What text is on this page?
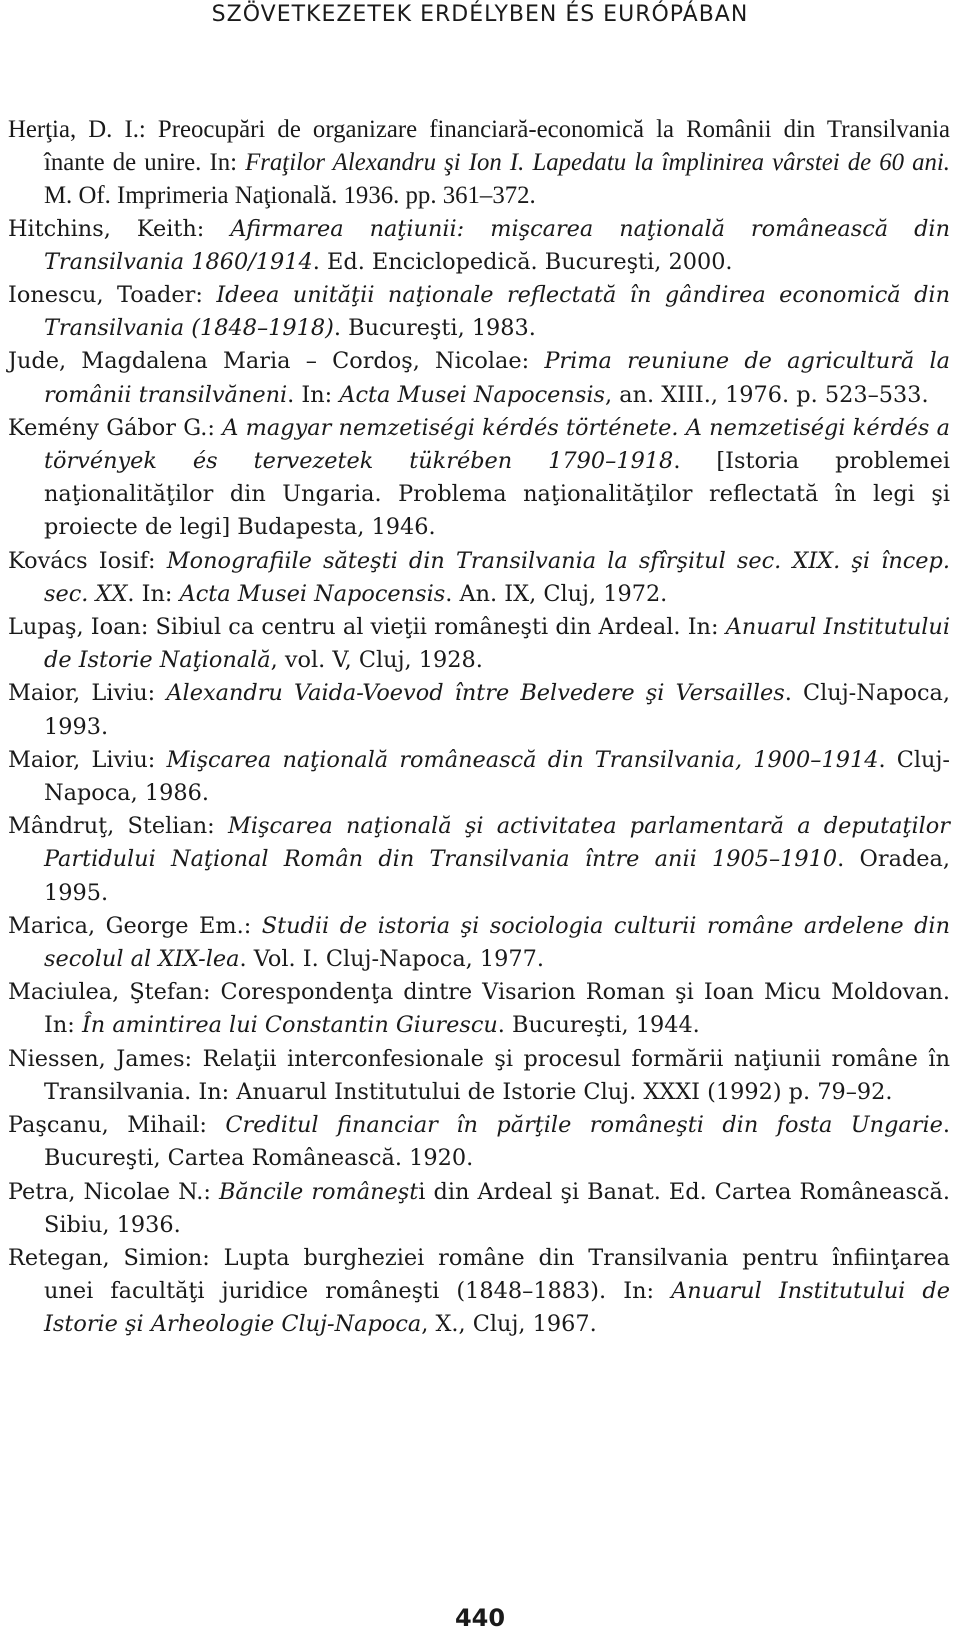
SZÖVETKEZETEK ERDÉLYBEN ÉS EURÓPÁBAN
Herţia, D. I.: Preocupări de organizare financiară-economică la Românii din Transilvania înante de unire. In: Fraţilor Alexandru şi Ion I. Lapedatu la împlinirea vârstei de 60 ani. M. Of. Imprimeria Naţională. 1936. pp. 361–372.
Hitchins, Keith: Afirmarea naţiunii: mişcarea naţională românească din Transilvania 1860/1914. Ed. Enciclopedică. Bucureşti, 2000.
Ionescu, Toader: Ideea unităţii naţionale reflectată în gândirea economică din Transilvania (1848–1918). Bucureşti, 1983.
Jude, Magdalena Maria – Cordoş, Nicolae: Prima reuniune de agricultură la românii transilvăneni. In: Acta Musei Napocensis, an. XIII., 1976. p. 523–533.
Kemény Gábor G.: A magyar nemzetiségi kérdés története. A nemzetiségi kérdés a törvények és tervezetek tükrében 1790–1918. [Istoria problemei naţionalităţilor din Ungaria. Problema naţionalităţilor reflectată în legi şi proiecte de legi] Budapesta, 1946.
Kovács Iosif: Monografiile săteşti din Transilvania la sfîrşitul sec. XIX. şi încep. sec. XX. In: Acta Musei Napocensis. An. IX, Cluj, 1972.
Lupaş, Ioan: Sibiul ca centru al vieţii româneşti din Ardeal. In: Anuarul Institutului de Istorie Naţională, vol. V, Cluj, 1928.
Maior, Liviu: Alexandru Vaida-Voevod între Belvedere şi Versailles. Cluj-Napoca, 1993.
Maior, Liviu: Mişcarea naţională românească din Transilvania, 1900–1914. Cluj-Napoca, 1986.
Mândruţ, Stelian: Mişcarea naţională şi activitatea parlamentară a deputaţilor Partidului Naţional Român din Transilvania între anii 1905–1910. Oradea, 1995.
Marica, George Em.: Studii de istoria şi sociologia culturii române ardelene din secolul al XIX-lea. Vol. I. Cluj-Napoca, 1977.
Maciulea, Ştefan: Corespondenţa dintre Visarion Roman şi Ioan Micu Moldovan. In: În amintirea lui Constantin Giurescu. Bucureşti, 1944.
Niessen, James: Relaţii interconfesionale şi procesul formării naţiunii române în Transilvania. In: Anuarul Institutului de Istorie Cluj. XXXI (1992) p. 79–92.
Paşcanu, Mihail: Creditul financiar în părţile româneşti din fosta Ungarie. Bucureşti, Cartea Românească. 1920.
Petra, Nicolae N.: Băncile româneşti din Ardeal şi Banat. Ed. Cartea Românească. Sibiu, 1936.
Retegan, Simion: Lupta burgheziei române din Transilvania pentru înfiinţarea unei facultăţi juridice româneşti (1848–1883). In: Anuarul Institutului de Istorie şi Arheologie Cluj-Napoca, X., Cluj, 1967.
440
